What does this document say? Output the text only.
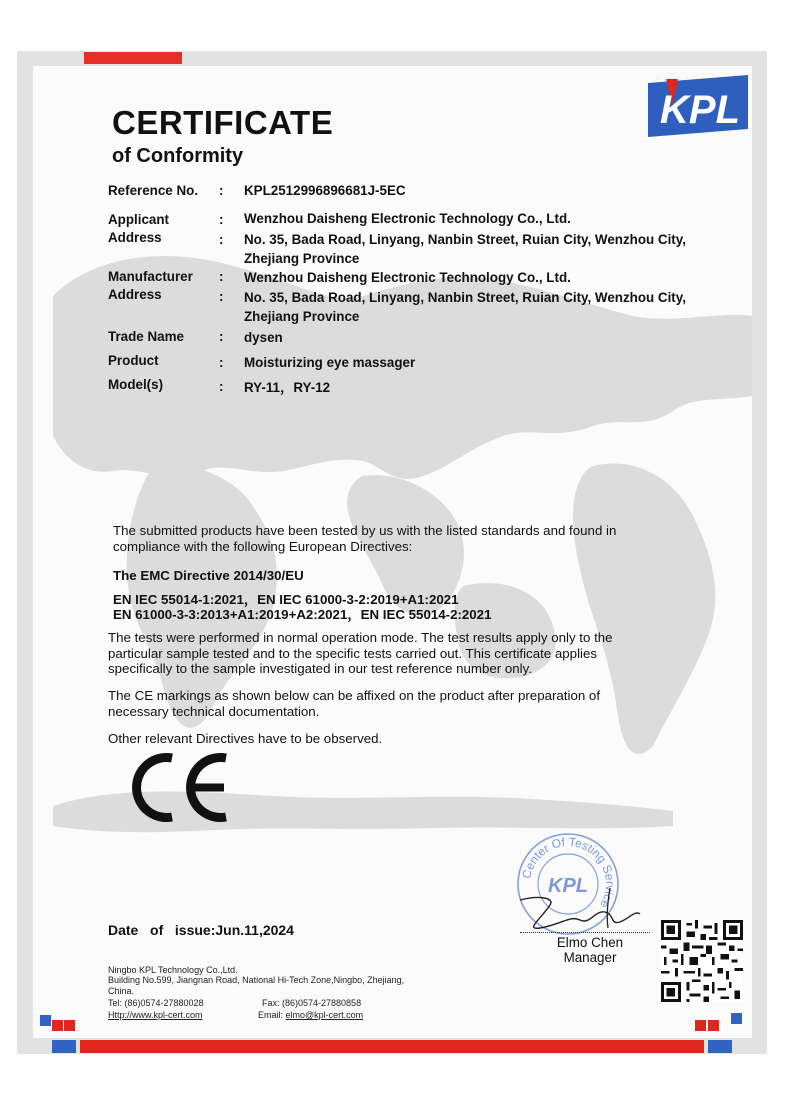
KPL
CERTIFICATE
of Conformity
Reference No. : KPL2512996896681J-5EC
Applicant	: Wenzhou Daisheng Electronic Technology Co., Ltd.
Address	: No. 35, Bada Road, Linyang, Nanbin Street, Ruian City, Wenzhou City, Zhejiang Province
Manufacturer : Wenzhou Daisheng Electronic Technology Co., Ltd.
Address	: No. 35, Bada Road, Linyang, Nanbin Street, Ruian City, Wenzhou City, Zhejiang Province
Trade Name	: dysen
Product	: Moisturizing eye massager
Model(s)	: RY-11，RY-12
The submitted products have been tested by us with the listed standards and found in compliance with the following European Directives:
The EMC Directive 2014/30/EU
EN IEC 55014-1:2021，EN IEC 61000-3-2:2019+A1:2021
EN 61000-3-3:2013+A1:2019+A2:2021，EN IEC 55014-2:2021
The tests were performed in normal operation mode. The test results apply only to the particular sample tested and to the specific tests carried out. This certificate applies specifically to the sample investigated in our test reference number only.
The CE markings as shown below can be affixed on the product after preparation of necessary technical documentation.
Other relevant Directives have to be observed.
Center Of Testing Service
KPL
Elmo Chen
Manager
Date   of   issue:Jun.11,2024
Ningbo KPL Technology Co.,Ltd.
Building No.599, Jiangnan Road, National Hi-Tech Zone,Ningbo, Zhejiang,
China.
Tel: (86)0574-27880028	Fax: (86)0574-27880858
Http://www.kpl-cert.com	Email: elmo@kpl-cert.com
